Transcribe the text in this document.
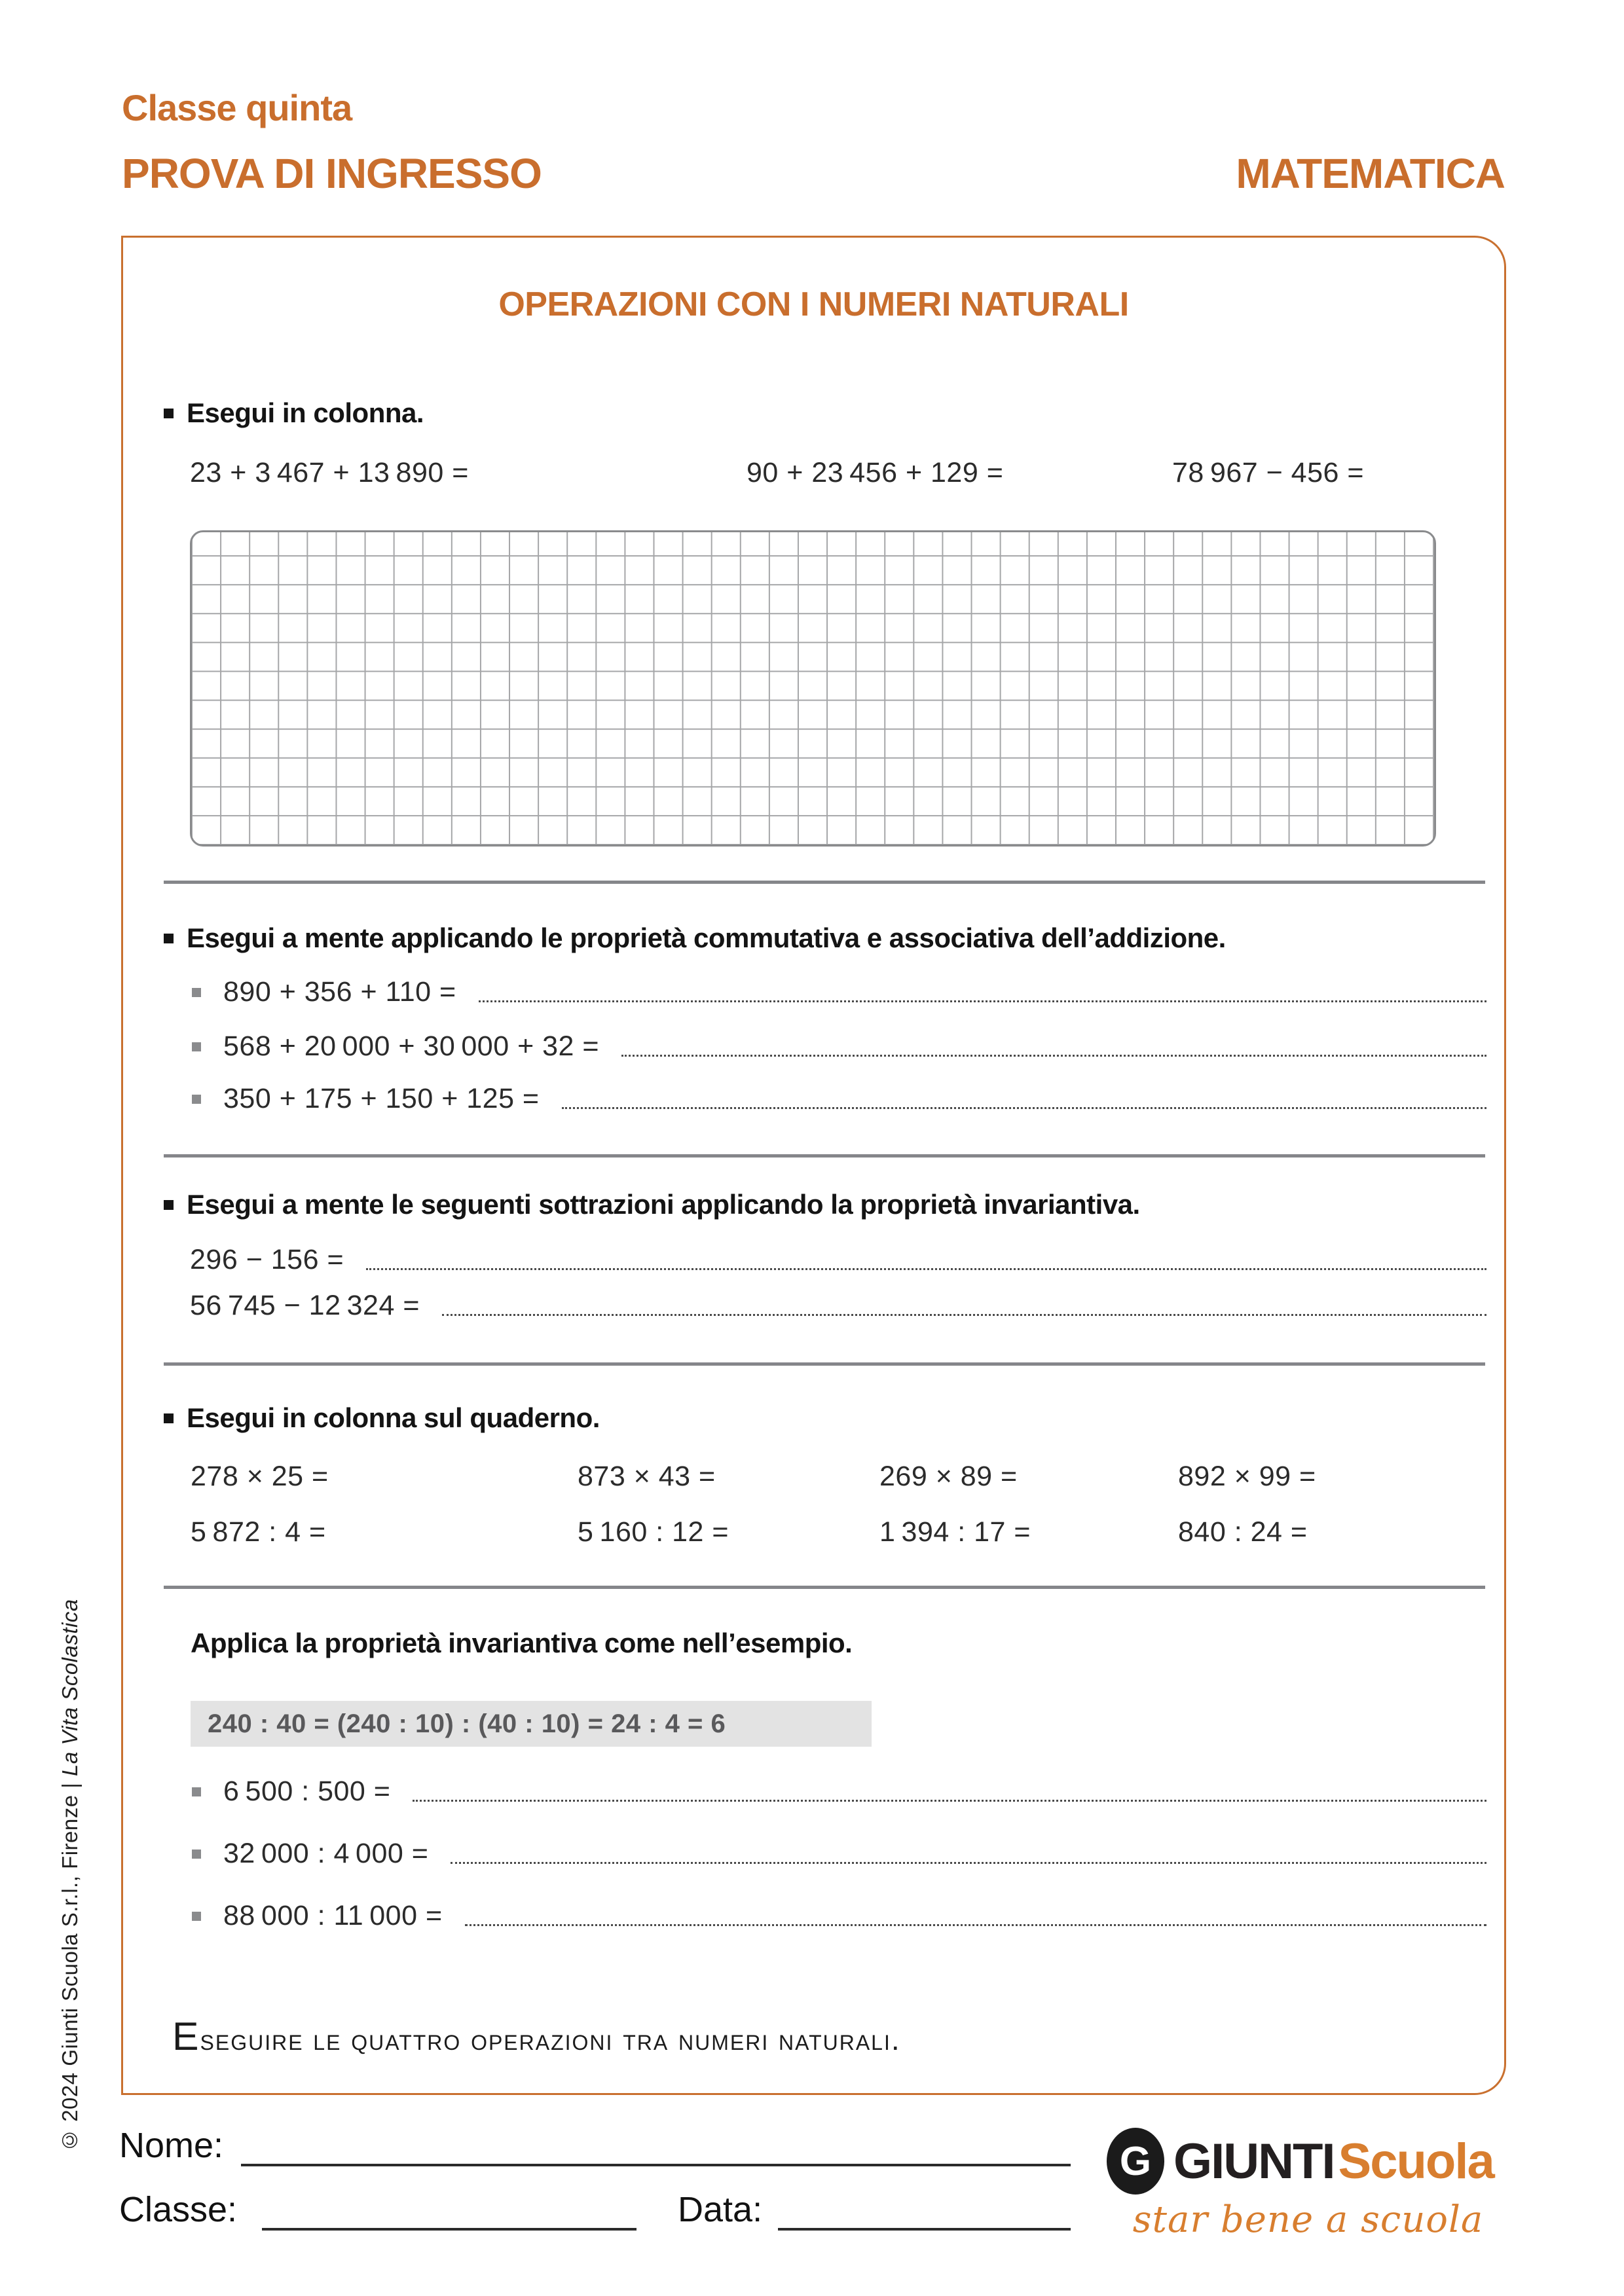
© 2024 Giunti Scuola S.r.l., Firenze | La Vita Scolastica
Classe quinta
PROVA DI INGRESSO	MATEMATICA
OPERAZIONI CON I NUMERI NATURALI
Esegui in colonna.
23 + 3 467 + 13 890 =	90 + 23 456 + 129 =	78 967 − 456 =
Esegui a mente applicando le proprietà commutativa e associativa dell’addizione.
890 + 356 + 110 =
568 + 20 000 + 30 000 + 32 =
350 + 175 + 150 + 125 =
Esegui a mente le seguenti sottrazioni applicando la proprietà invariantiva.
296 − 156 =
56 745 − 12 324 =
Esegui in colonna sul quaderno.
278 × 25 =	873 × 43 =	269 × 89 =	892 × 99 =
5 872 : 4 =	5 160 : 12 =	1 394 : 17 =	840 : 24 =
Applica la proprietà invariantiva come nell’esempio.
240 : 40 = (240 : 10) : (40 : 10) = 24 : 4 = 6
6 500 : 500 =
32 000 : 4 000 =
88 000 : 11 000 =

Eseguire le quattro operazioni tra numeri naturali.

Nome:
Classe:	Data:
G GIUNTIScuola
star bene a scuola
